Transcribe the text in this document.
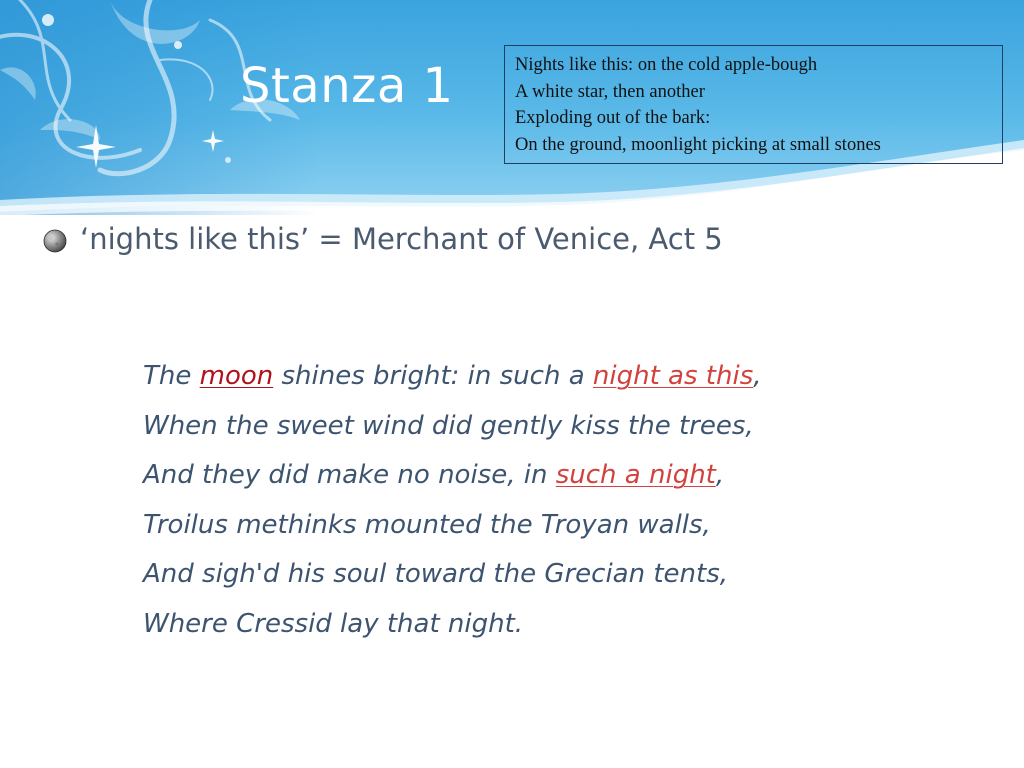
Stanza 1	Nights like this: on the cold apple-bough
A white star, then another
Exploding out of the bark:
On the ground, moonlight picking at small stones
‘nights like this’ = Merchant of Venice, Act 5
The moon shines bright: in such a night as this,
When the sweet wind did gently kiss the trees,
And they did make no noise, in such a night,
Troilus methinks mounted the Troyan walls,
And sigh'd his soul toward the Grecian tents,
Where Cressid lay that night.
